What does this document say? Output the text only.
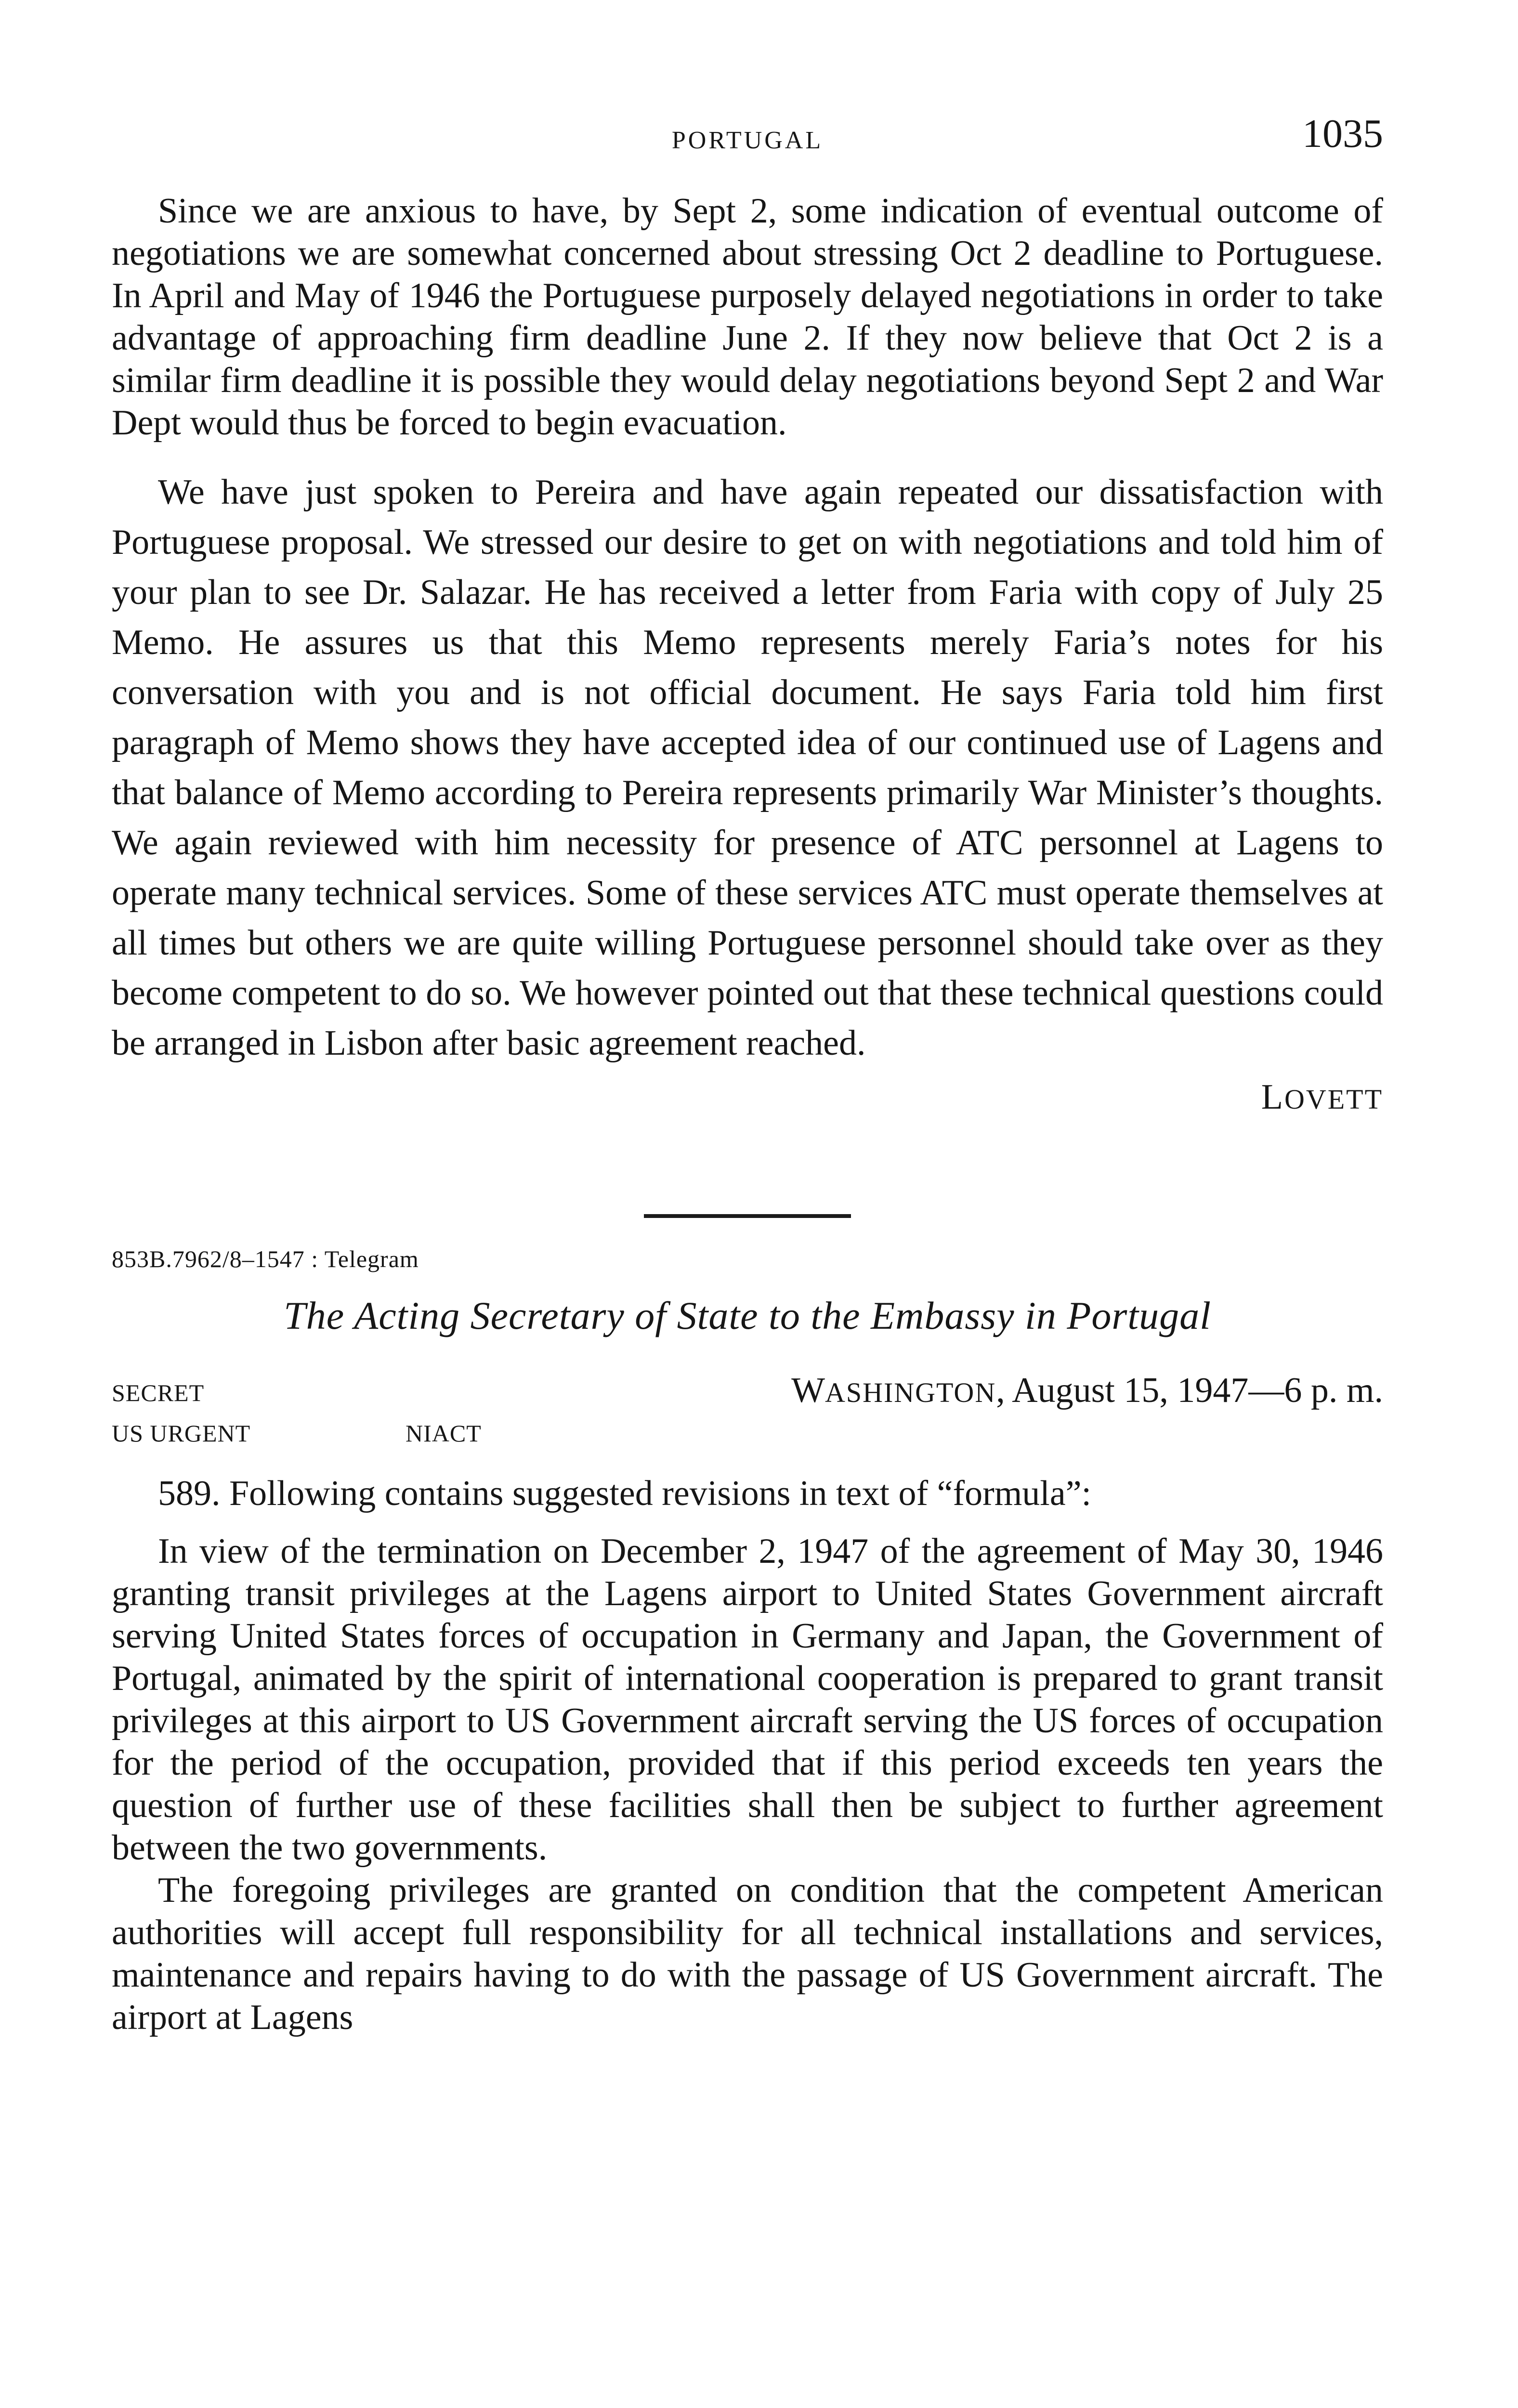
PORTUGAL	1035

Since we are anxious to have, by Sept 2, some indication of eventual outcome of negotiations we are somewhat concerned about stressing Oct 2 deadline to Portuguese. In April and May of 1946 the Portuguese purposely delayed negotiations in order to take advantage of approaching firm deadline June 2. If they now believe that Oct 2 is a similar firm deadline it is possible they would delay negotiations beyond Sept 2 and War Dept would thus be forced to begin evacuation.

We have just spoken to Pereira and have again repeated our dissatisfaction with Portuguese proposal. We stressed our desire to get on with negotiations and told him of your plan to see Dr. Salazar. He has received a letter from Faria with copy of July 25 Memo. He assures us that this Memo represents merely Faria’s notes for his conversation with you and is not official document. He says Faria told him first paragraph of Memo shows they have accepted idea of our continued use of Lagens and that balance of Memo according to Pereira represents primarily War Minister’s thoughts. We again reviewed with him necessity for presence of ATC personnel at Lagens to operate many technical services. Some of these services ATC must operate themselves at all times but others we are quite willing Portuguese personnel should take over as they become competent to do so. We however pointed out that these technical questions could be arranged in Lisbon after basic agreement reached.

LOVETT
853B.7962/8–1547 : Telegram
The Acting Secretary of State to the Embassy in Portugal
SECRET	WASHINGTON, August 15, 1947—6 p. m.
US URGENT	NIACT

589. Following contains suggested revisions in text of “formula”:

In view of the termination on December 2, 1947 of the agreement of May 30, 1946 granting transit privileges at the Lagens airport to United States Government aircraft serving United States forces of occupation in Germany and Japan, the Government of Portugal, animated by the spirit of international cooperation is prepared to grant transit privileges at this airport to US Government aircraft serving the US forces of occupation for the period of the occupation, provided that if this period exceeds ten years the question of further use of these facilities shall then be subject to further agreement between the two governments.

The foregoing privileges are granted on condition that the competent American authorities will accept full responsibility for all technical installations and services, maintenance and repairs having to do with the passage of US Government aircraft. The airport at Lagens
